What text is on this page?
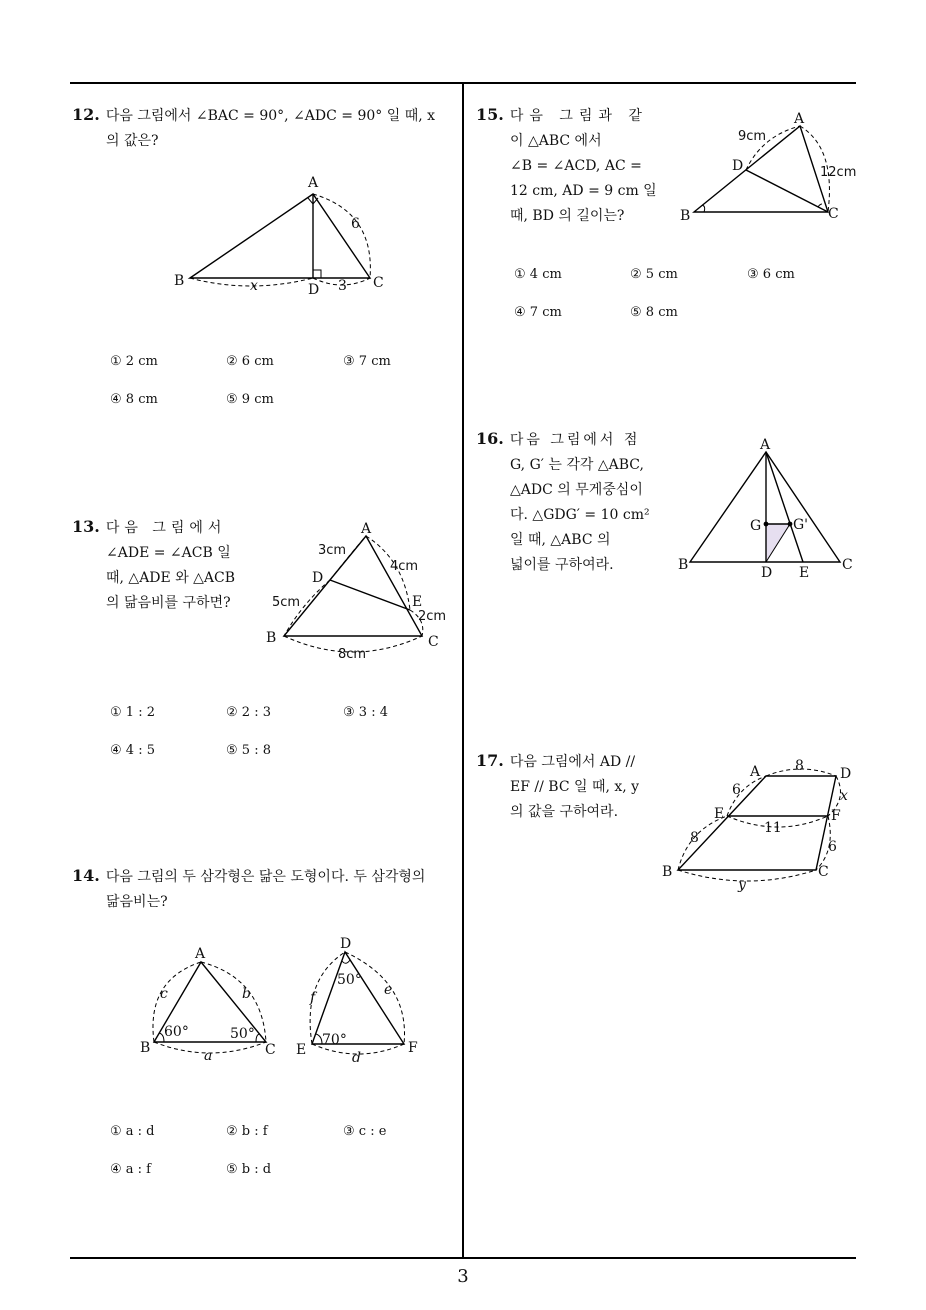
12. 다음 그림에서 ∠BAC = 90°, ∠ADC = 90° 일 때, x
의 값은?
A
B	C
D
6
x	3
① 2 cm	② 6 cm	③ 7 cm
④ 8 cm	⑤ 9 cm
13. 다음 그림에서
∠ADE = ∠ACB 일
때, △ADE 와 △ACB
의 닮음비를 구하면?
A
B	C
D
E
3cm
4cm
5cm
2cm
8cm
① 1 : 2	② 2 : 3	③ 3 : 4
④ 4 : 5	⑤ 5 : 8
14. 다음 그림의 두 삼각형은 닮은 도형이다. 두 삼각형의
닮음비는?
A
B	C
60°	50°
c	b
a
D
E	F
50°
70°
f	e
d
① a : d	② b : f	③ c : e
④ a : f	⑤ b : d
15. 다음 그림과 같
이 △ABC 에서
∠B = ∠ACD, AC =
12 cm, AD = 9 cm 일
때, BD 의 길이는?
A
B	C
D
9cm
12cm
① 4 cm	② 5 cm	③ 6 cm
④ 7 cm	⑤ 8 cm
16. 다음 그림에서 점
G, G′ 는 각각 △ABC,
△ADC 의 무게중심이
다. △GDG′ = 10 cm²
일 때, △ABC 의
넓이를 구하여라.
A
B	C
D E
G G'
17. 다음 그림에서 AD //
EF // BC 일 때, x, y
의 값을 구하여라.
A	D
E	F
B	C
8
6
8
11
x
6
y
3
